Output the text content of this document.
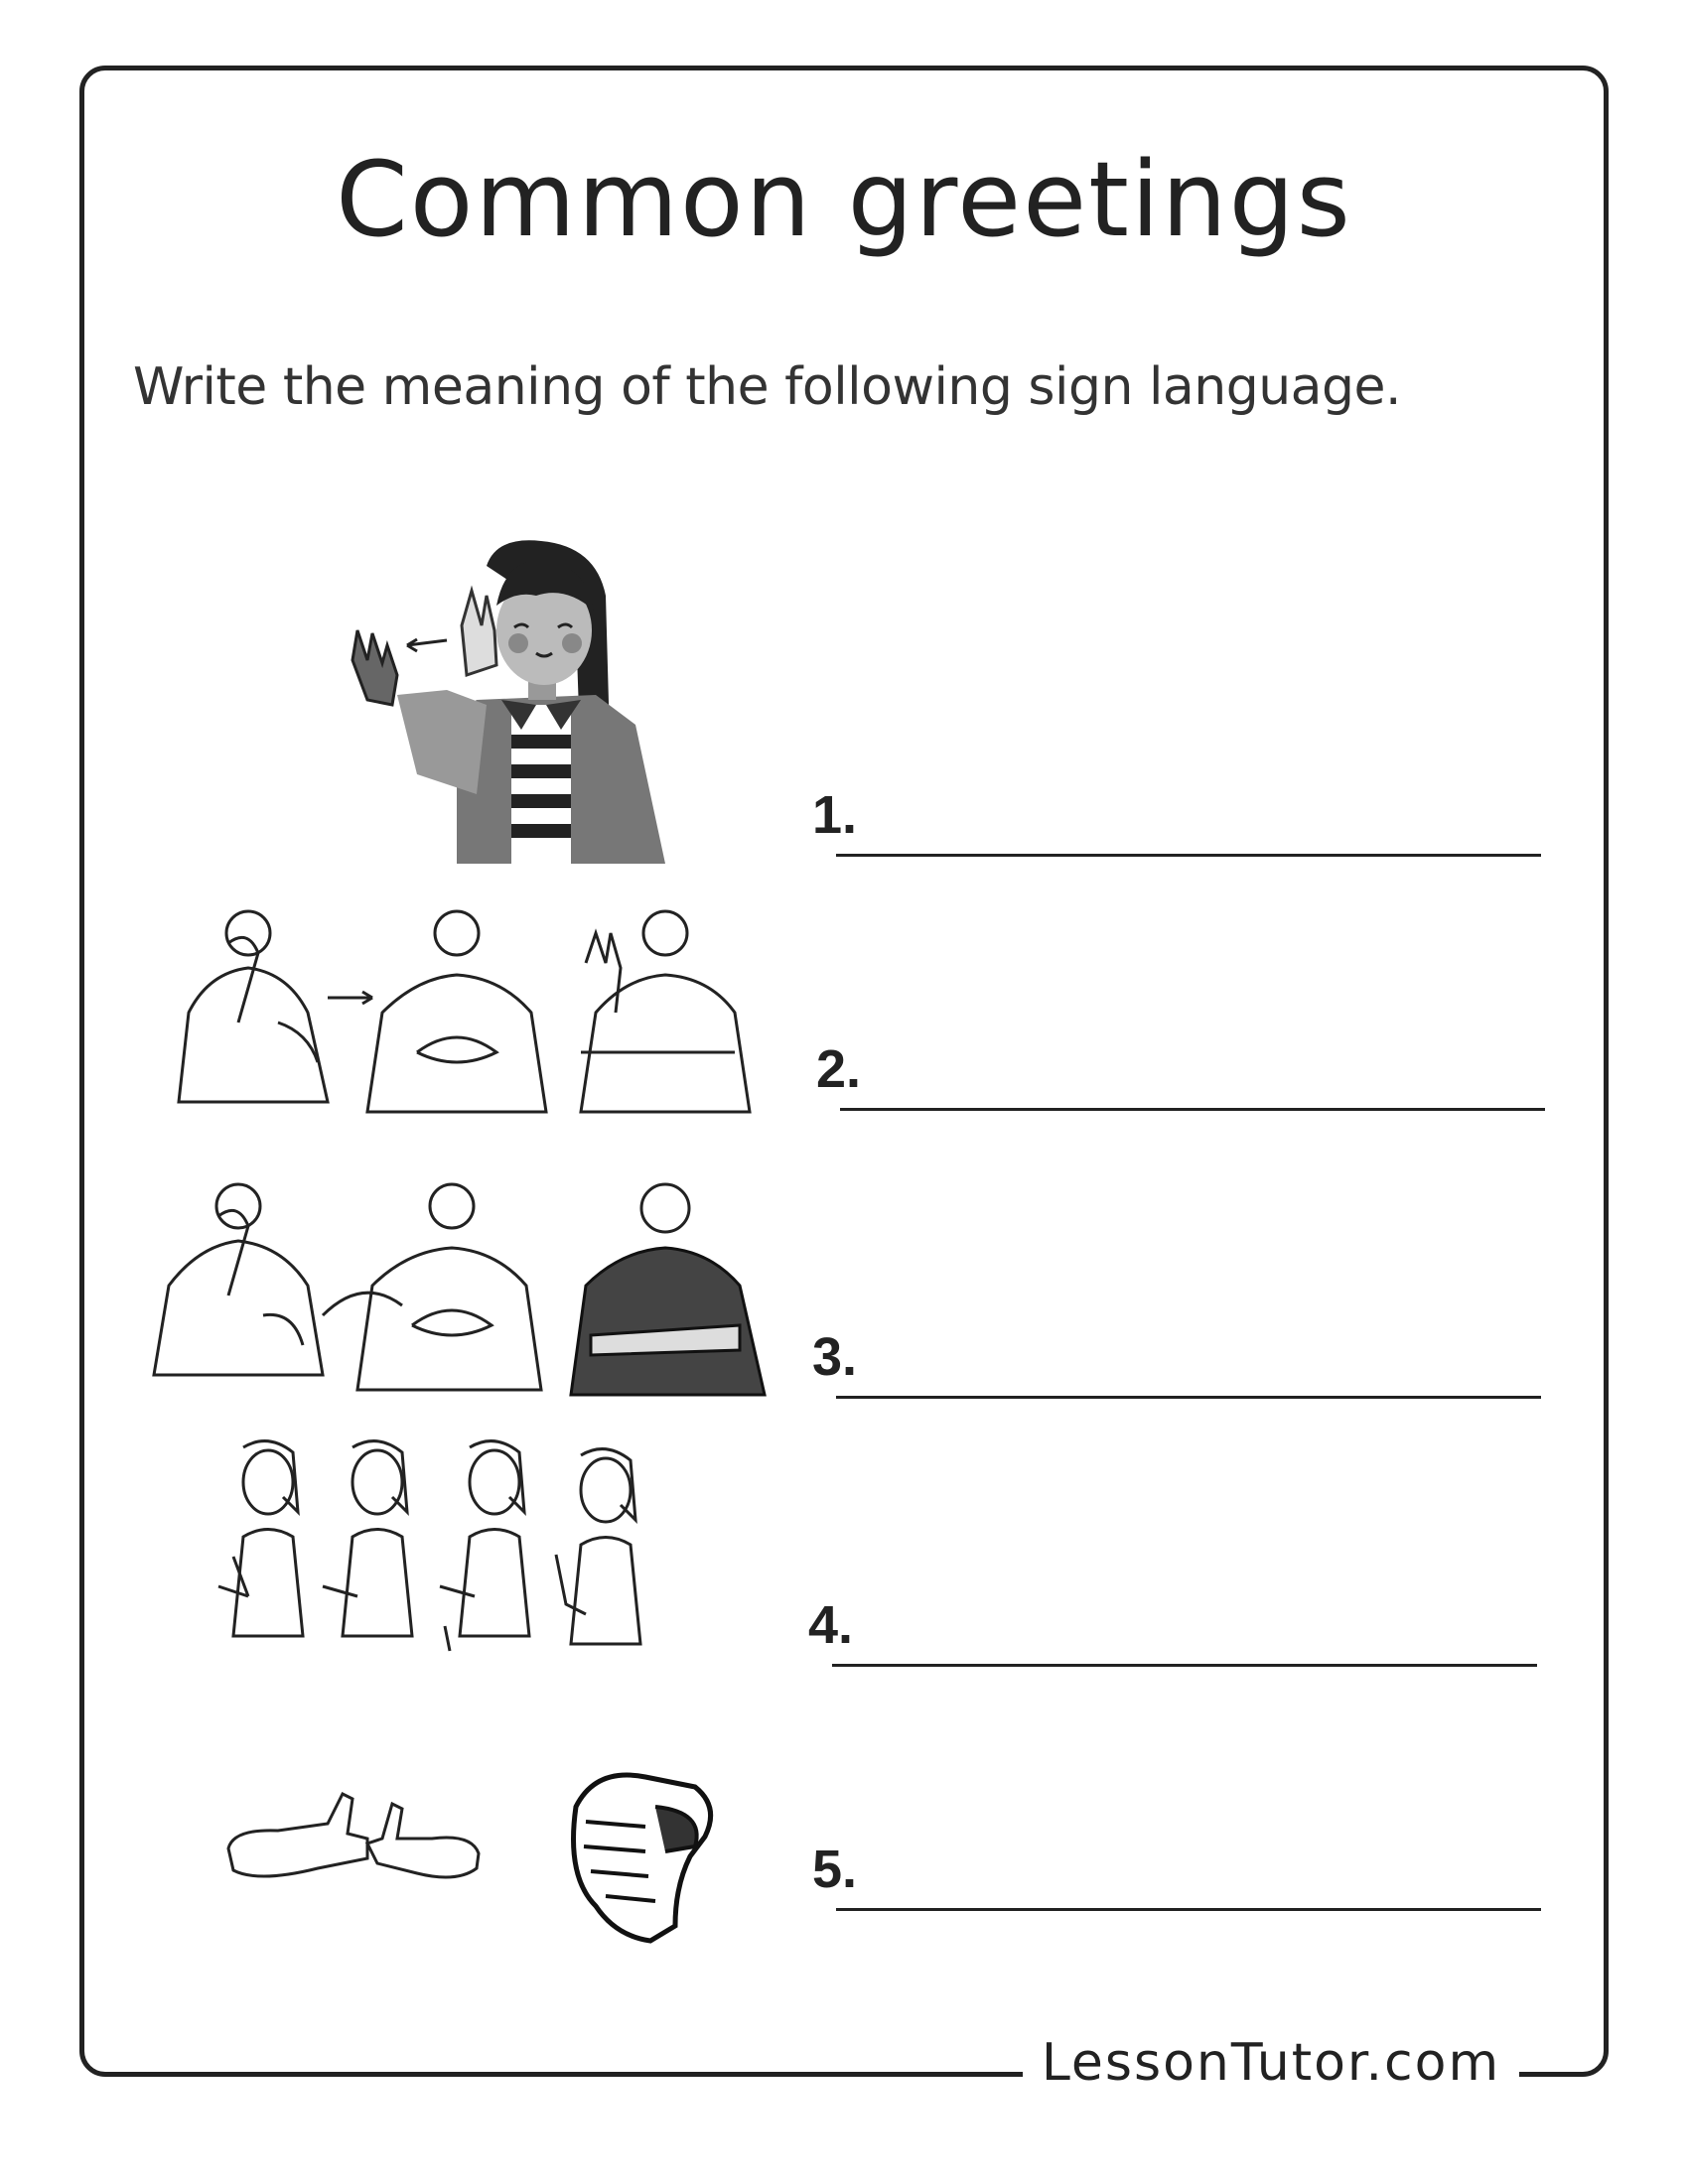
Common greetings

Write the meaning of the following sign language.

1.
2.
3.
4.
5.
LessonTutor.com
